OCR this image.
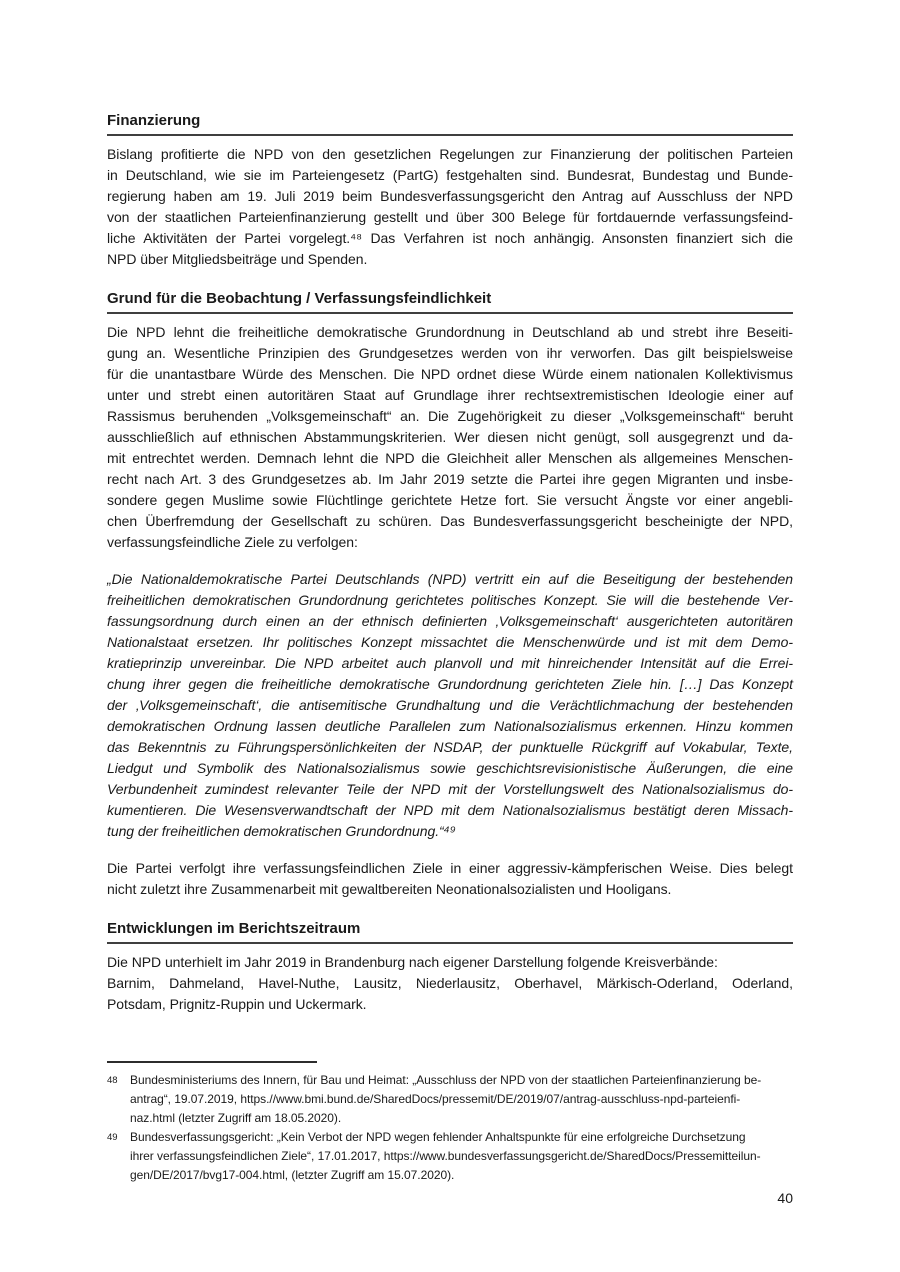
Finanzierung
Bislang profitierte die NPD von den gesetzlichen Regelungen zur Finanzierung der politischen Parteien
in Deutschland, wie sie im Parteiengesetz (PartG) festgehalten sind. Bundesrat, Bundestag und Bunde-
regierung haben am 19. Juli 2019 beim Bundesverfassungsgericht den Antrag auf Ausschluss der NPD
von der staatlichen Parteienfinanzierung gestellt und über 300 Belege für fortdauernde verfassungsfeind-
liche Aktivitäten der Partei vorgelegt.⁴⁸ Das Verfahren ist noch anhängig. Ansonsten finanziert sich die
NPD über Mitgliedsbeiträge und Spenden.
Grund für die Beobachtung / Verfassungsfeindlichkeit
Die NPD lehnt die freiheitliche demokratische Grundordnung in Deutschland ab und strebt ihre Beseiti-
gung an. Wesentliche Prinzipien des Grundgesetzes werden von ihr verworfen. Das gilt beispielsweise
für die unantastbare Würde des Menschen. Die NPD ordnet diese Würde einem nationalen Kollektivismus
unter und strebt einen autoritären Staat auf Grundlage ihrer rechtsextremistischen Ideologie einer auf
Rassismus beruhenden „Volksgemeinschaft“ an. Die Zugehörigkeit zu dieser „Volksgemeinschaft“ beruht
ausschließlich auf ethnischen Abstammungskriterien. Wer diesen nicht genügt, soll ausgegrenzt und da-
mit entrechtet werden. Demnach lehnt die NPD die Gleichheit aller Menschen als allgemeines Menschen-
recht nach Art. 3 des Grundgesetzes ab. Im Jahr 2019 setzte die Partei ihre gegen Migranten und insbe-
sondere gegen Muslime sowie Flüchtlinge gerichtete Hetze fort. Sie versucht Ängste vor einer angebli-
chen Überfremdung der Gesellschaft zu schüren. Das Bundesverfassungsgericht bescheinigte der NPD,
verfassungsfeindliche Ziele zu verfolgen:
„Die Nationaldemokratische Partei Deutschlands (NPD) vertritt ein auf die Beseitigung der bestehenden
freiheitlichen demokratischen Grundordnung gerichtetes politisches Konzept. Sie will die bestehende Ver-
fassungsordnung durch einen an der ethnisch definierten ‚Volksgemeinschaft‘ ausgerichteten autoritären
Nationalstaat ersetzen. Ihr politisches Konzept missachtet die Menschenwürde und ist mit dem Demo-
kratieprinzip unvereinbar. Die NPD arbeitet auch planvoll und mit hinreichender Intensität auf die Errei-
chung ihrer gegen die freiheitliche demokratische Grundordnung gerichteten Ziele hin. […] Das Konzept
der ‚Volksgemeinschaft‘, die antisemitische Grundhaltung und die Verächtlichmachung der bestehenden
demokratischen Ordnung lassen deutliche Parallelen zum Nationalsozialismus erkennen. Hinzu kommen
das Bekenntnis zu Führungspersönlichkeiten der NSDAP, der punktuelle Rückgriff auf Vokabular, Texte,
Liedgut und Symbolik des Nationalsozialismus sowie geschichtsrevisionistische Äußerungen, die eine
Verbundenheit zumindest relevanter Teile der NPD mit der Vorstellungswelt des Nationalsozialismus do-
kumentieren. Die Wesensverwandtschaft der NPD mit dem Nationalsozialismus bestätigt deren Missach-
tung der freiheitlichen demokratischen Grundordnung.“⁴⁹
Die Partei verfolgt ihre verfassungsfeindlichen Ziele in einer aggressiv-kämpferischen Weise. Dies belegt
nicht zuletzt ihre Zusammenarbeit mit gewaltbereiten Neonationalsozialisten und Hooligans.
Entwicklungen im Berichtszeitraum
Die NPD unterhielt im Jahr 2019 in Brandenburg nach eigener Darstellung folgende Kreisverbände:
Barnim, Dahmeland, Havel-Nuthe, Lausitz, Niederlausitz, Oberhavel, Märkisch-Oderland, Oderland,
Potsdam, Prignitz-Ruppin und Uckermark.
48	Bundesministeriums des Innern, für Bau und Heimat: „Ausschluss der NPD von der staatlichen Parteienfinanzierung be-
antrag“, 19.07.2019, https.//www.bmi.bund.de/SharedDocs/pressemit/DE/2019/07/antrag-ausschluss-npd-parteienfi-
naz.html (letzter Zugriff am 18.05.2020).
49	Bundesverfassungsgericht: „Kein Verbot der NPD wegen fehlender Anhaltspunkte für eine erfolgreiche Durchsetzung
ihrer verfassungsfeindlichen Ziele“, 17.01.2017, https://www.bundesverfassungsgericht.de/SharedDocs/Pressemitteilun-
gen/DE/2017/bvg17-004.html, (letzter Zugriff am 15.07.2020).
40
